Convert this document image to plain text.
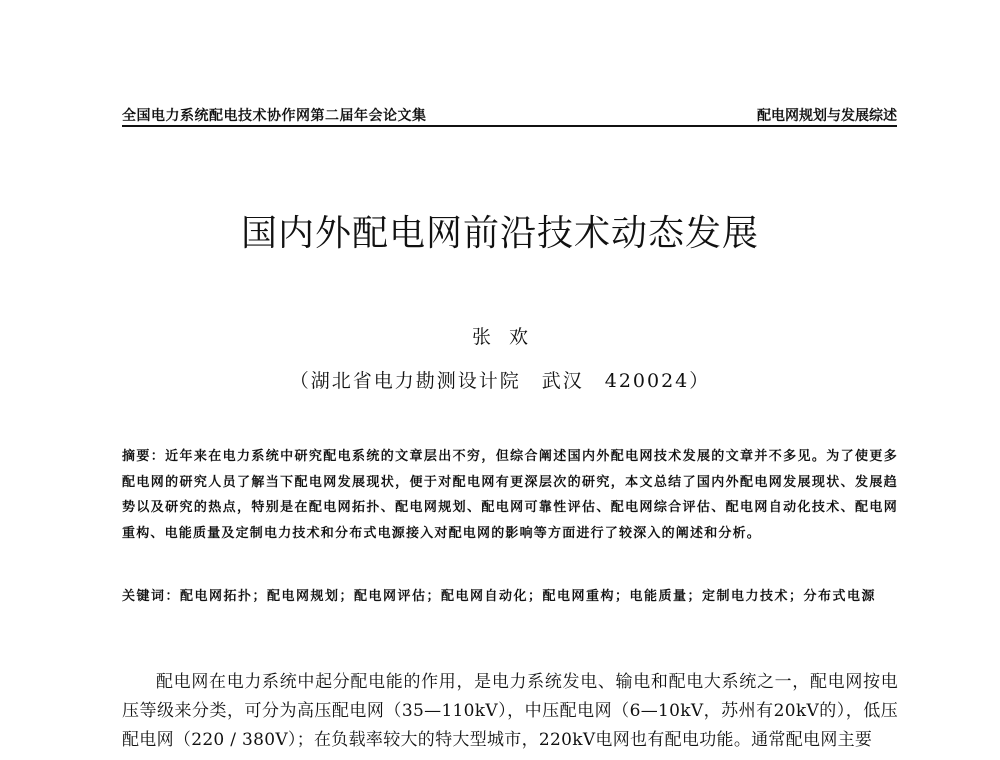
全国电力系统配电技术协作网第二届年会论文集	配电网规划与发展综述
国内外配电网前沿技术动态发展
张欢
（湖北省电力勘测设计院　武汉　420024）
摘要：近年来在电力系统中研究配电系统的文章层出不穷，但综合阐述国内外配电网技术发展的文章并不多见。为了使更多配电网的研究人员了解当下配电网发展现状，便于对配电网有更深层次的研究，本文总结了国内外配电网发展现状、发展趋势以及研究的热点，特别是在配电网拓扑、配电网规划、配电网可靠性评估、配电网综合评估、配电网自动化技术、配电网重构、电能质量及定制电力技术和分布式电源接入对配电网的影响等方面进行了较深入的阐述和分析。
关键词：配电网拓扑；配电网规划；配电网评估；配电网自动化；配电网重构；电能质量；定制电力技术；分布式电源
配电网在电力系统中起分配电能的作用，是电力系统发电、输电和配电大系统之一，配电网按电压等级来分类，可分为高压配电网（35—110kV），中压配电网（6—10kV，苏州有20kV的），低压配电网（220 / 380V）；在负载率较大的特大型城市，220kV电网也有配电功能。通常配电网主要
